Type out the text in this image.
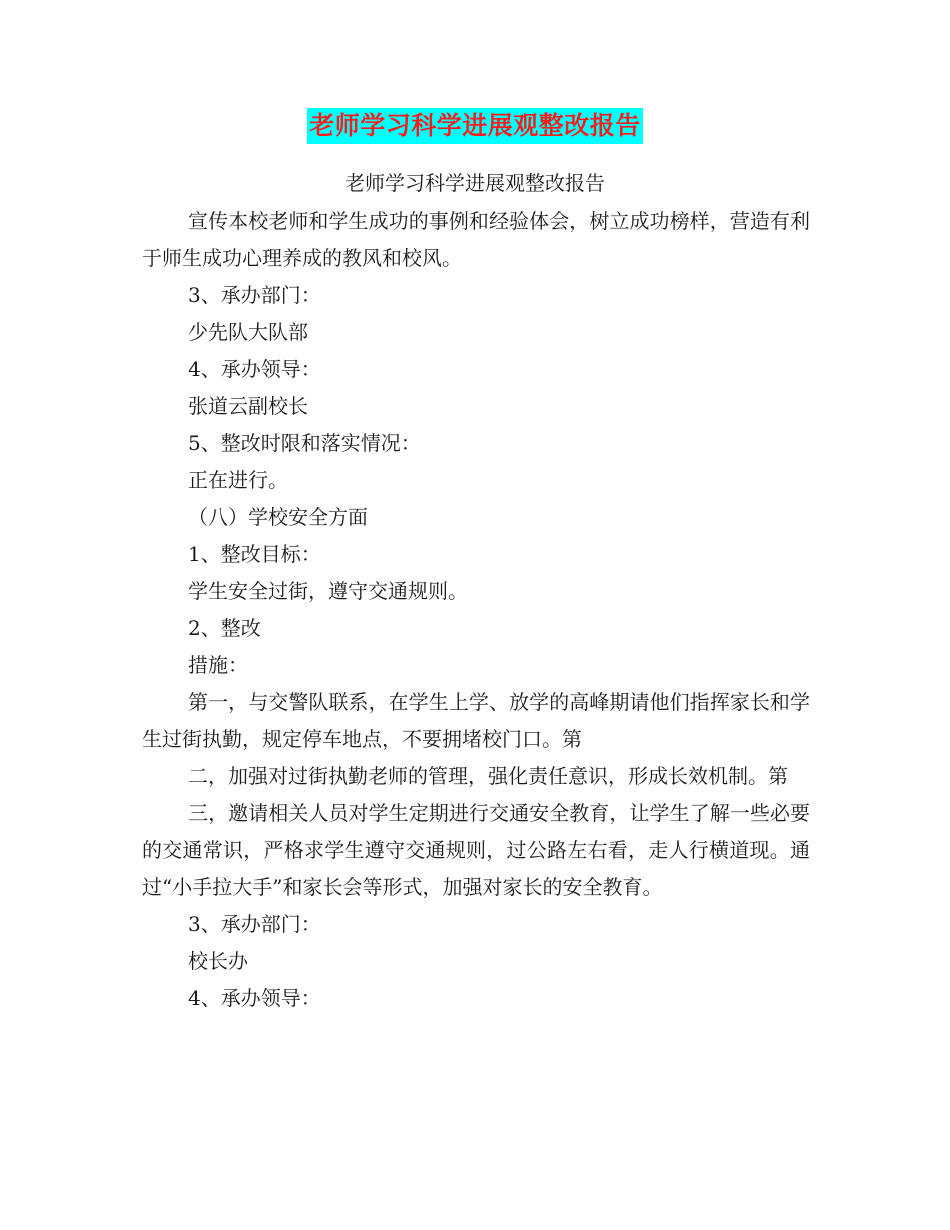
老师学习科学进展观整改报告
老师学习科学进展观整改报告

宣传本校老师和学生成功的事例和经验体会，树立成功榜样，营造有利于师生成功心理养成的教风和校风。

3、承办部门：

少先队大队部

4、承办领导：

张道云副校长

5、整改时限和落实情况：

正在进行。

（八）学校安全方面

1、整改目标：

学生安全过街，遵守交通规则。

2、整改

措施：

第一，与交警队联系，在学生上学、放学的高峰期请他们指挥家长和学生过街执勤，规定停车地点，不要拥堵校门口。第

二，加强对过街执勤老师的管理，强化责任意识，形成长效机制。第

三，邀请相关人员对学生定期进行交通安全教育，让学生了解一些必要的交通常识，严格求学生遵守交通规则，过公路左右看，走人行横道现。通过“小手拉大手”和家长会等形式，加强对家长的安全教育。

3、承办部门：

校长办

4、承办领导：
